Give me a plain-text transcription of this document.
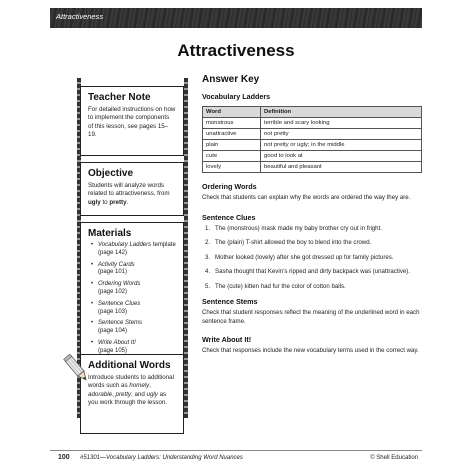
Attractiveness
Attractiveness
Teacher Note
For detailed instructions on how to implement the components of this lesson, see pages 15–19.
Objective
Students will analyze words related to attractiveness, from ugly to pretty.
Materials
• Vocabulary Ladders template (page 142)
• Activity Cards
(page 101)
• Ordering Words
(page 102)
• Sentence Clues
(page 103)
• Sentence Stems
(page 104)
• Write About It!
(page 105)
Additional Words
Introduce students to additional words such as homely, adorable, pretty, and ugly as you work through the lesson.
Answer Key
Vocabulary Ladders
Word	Definition
monstrous	terrible and scary looking
unattractive	not pretty
plain	not pretty or ugly; in the middle
cute	good to look at
lovely	beautiful and pleasant
Ordering Words
Check that students can explain why the words are ordered the way they are.
Sentence Clues
1. The (monstrous) mask made my baby brother cry out in fright.
2. The (plain) T-shirt allowed the boy to blend into the crowd.
3. Mother looked (lovely) after she got dressed up for family pictures.
4. Sasha thought that Kevin’s ripped and dirty backpack was (unattractive).
5. The (cute) kitten had fur the color of cotton balls.
Sentence Stems
Check that student responses reflect the meaning of the underlined word in each sentence frame.
Write About It!
Check that responses include the new vocabulary terms used in the correct way.
100 #51301—Vocabulary Ladders: Understanding Word Nuances	© Shell Education
